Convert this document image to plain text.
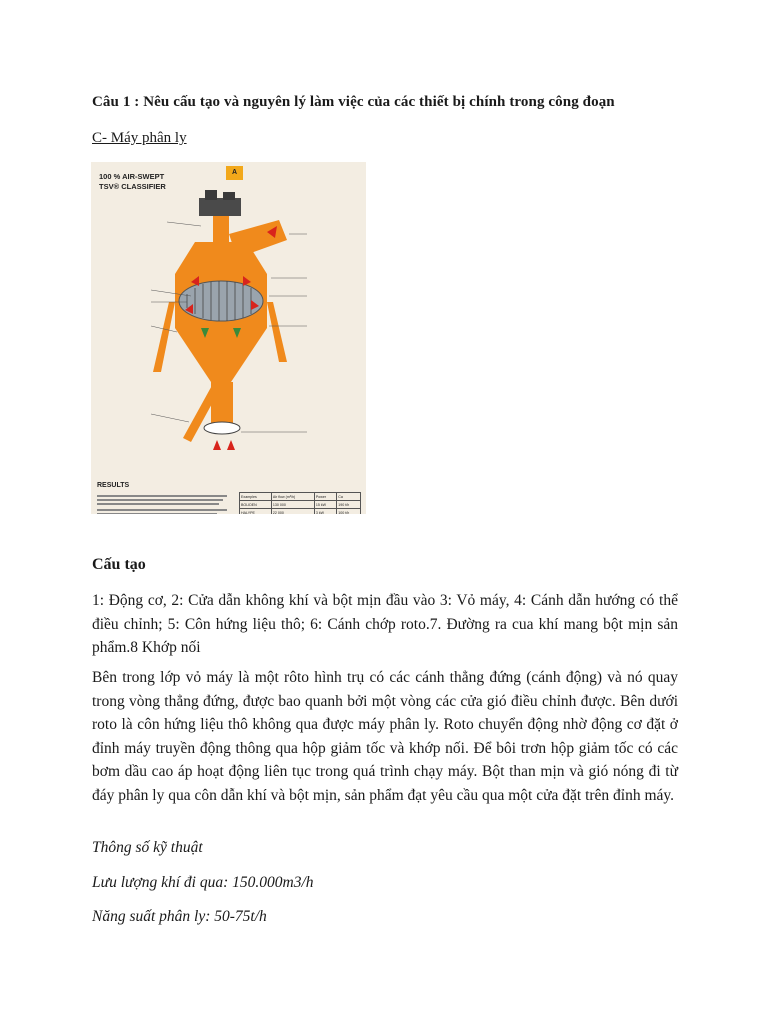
Câu 1 : Nêu cấu tạo và nguyên lý làm việc của các thiết bị chính trong công đoạn
C- Máy phân ly
A
100 % AIR-SWEPT
TSV® CLASSIFIER
RESULTS
Examples	Air flow (m³/h)	Power	Ca
BOLIDEN	130 000	15 kW	190 t/h
HALYPE	22 000	3 kW	100 t/h
Cấu tạo
1: Động cơ, 2: Cửa dẫn không khí và bột mịn đầu vào 3: Vỏ máy, 4: Cánh dẫn hướng có thể điều chỉnh; 5: Côn hứng liệu thô; 6: Cánh chớp roto.7. Đường ra cua khí mang bột mịn sản phẩm.8 Khớp nối
Bên trong lớp vỏ máy là một rôto hình trụ có các cánh thẳng đứng (cánh động) và nó quay trong vòng thẳng đứng, được bao quanh bởi một vòng các cửa gió điều chỉnh được. Bên dưới roto là côn hứng liệu thô không qua được máy phân ly. Roto chuyển động nhờ động cơ đặt ở đỉnh máy truyền động thông qua hộp giảm tốc và khớp nối. Để bôi trơn hộp giảm tốc có các bơm dầu cao áp hoạt động liên tục trong quá trình chạy máy. Bột than mịn và gió nóng đi từ đáy phân ly qua côn dẫn khí và bột mịn, sản phẩm đạt yêu cầu qua một cửa đặt trên đỉnh máy.
Thông số kỹ thuật
Lưu lượng khí đi qua: 150.000m3/h
Năng suất phân ly: 50-75t/h
